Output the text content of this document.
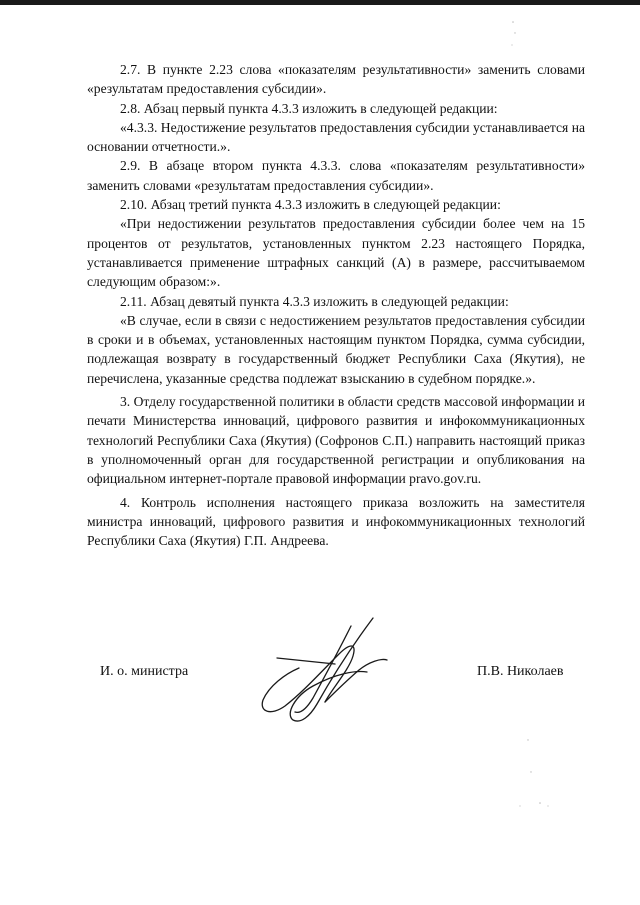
2.7. В пункте 2.23 слова «показателям результативности» заменить словами «результатам предоставления субсидии».

2.8. Абзац первый пункта 4.3.3 изложить в следующей редакции:

«4.3.3. Недостижение результатов предоставления субсидии устанавливается на основании отчетности.».

2.9. В абзаце втором пункта 4.3.3. слова «показателям результативности» заменить словами «результатам предоставления субсидии».

2.10. Абзац третий пункта 4.3.3 изложить в следующей редакции:

«При недостижении результатов предоставления субсидии более чем на 15 процентов от результатов, установленных пунктом 2.23 настоящего Порядка, устанавливается применение штрафных санкций (А) в размере, рассчитываемом следующим образом:».

2.11. Абзац девятый пункта 4.3.3 изложить в следующей редакции:

«В случае, если в связи с недостижением результатов предоставления субсидии в сроки и в объемах, установленных настоящим пунктом Порядка, сумма субсидии, подлежащая возврату в государственный бюджет Республики Саха (Якутия), не перечислена, указанные средства подлежат взысканию в судебном порядке.».

3. Отделу государственной политики в области средств массовой информации и печати Министерства инноваций, цифрового развития и инфокоммуникационных технологий Республики Саха (Якутия) (Софронов С.П.) направить настоящий приказ в уполномоченный орган для государственной регистрации и опубликования на официальном интернет-портале правовой информации pravo.gov.ru.

4. Контроль исполнения настоящего приказа возложить на заместителя министра инноваций, цифрового развития и инфокоммуникационных технологий Республики Саха (Якутия) Г.П. Андреева.

И. о. министра	П.В. Николаев
